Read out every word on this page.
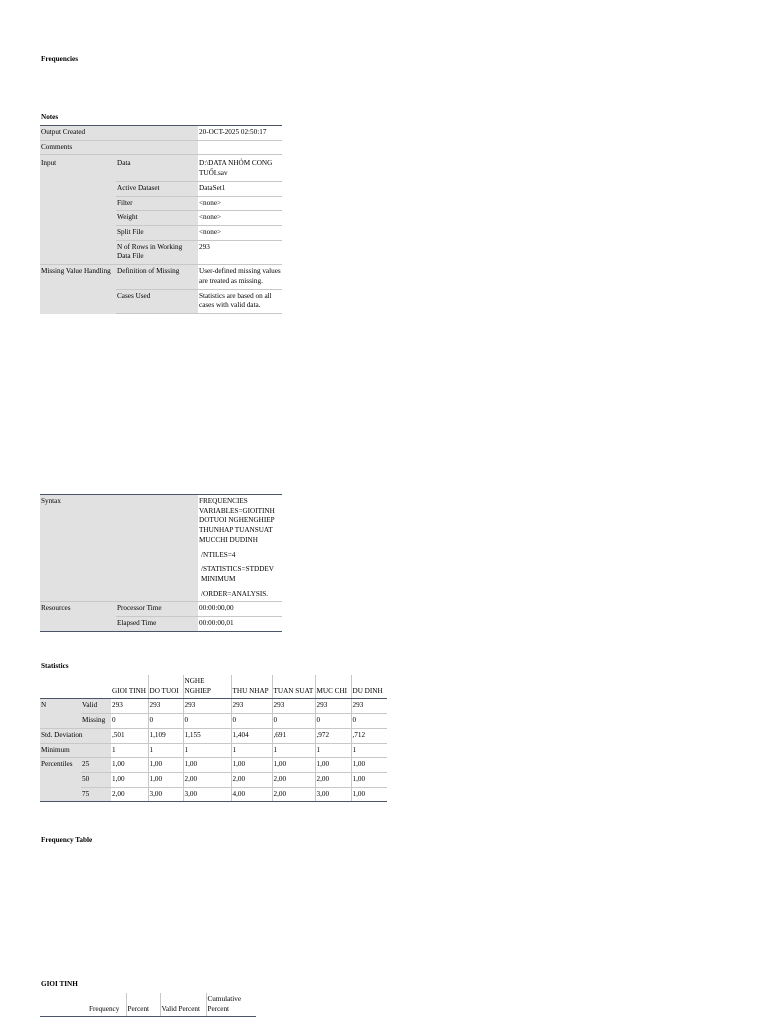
Frequencies
Notes
Output Created		20-OCT-2025 02:50:17
Comments		
Input	Data	D:\DATA NHÓM CONG TUỔI.sav
	Active Dataset	DataSet1
	Filter	<none>
	Weight	<none>
	Split File	<none>
	N of Rows in Working Data File	293
Missing Value Handling	Definition of Missing	User-defined missing values are treated as missing.
	Cases Used	Statistics are based on all cases with valid data.
Syntax		FREQUENCIES VARIABLES=GIOITINH DOTUOI NGHENGHIEP THUNHAP TUANSUAT MUCCHI DUDINH
/NTILES=4
/STATISTICS=STDDEV MINIMUM
/ORDER=ANALYSIS.

Resources	Processor Time	00:00:00,00
	Elapsed Time	00:00:00,01
Statistics
		GIOI TINH	DO TUOI	NGHE NGHIEP	THU NHAP	TUAN SUAT	MUC CHI	DU DINH
N	Valid	293	293	293	293	293	293	293
	Missing	0	0	0	0	0	0	0
Std. Deviation		,501	1,109	1,155	1,404	,691	,972	,712
Minimum		1	1	1	1	1	1	1
Percentiles	25	1,00	1,00	1,00	1,00	1,00	1,00	1,00
	50	1,00	1,00	2,00	2,00	2,00	2,00	1,00
	75	2,00	3,00	3,00	4,00	2,00	3,00	1,00
Frequency Table
GIOI TINH
	Frequency	Percent	Valid Percent	Cumulative Percent
